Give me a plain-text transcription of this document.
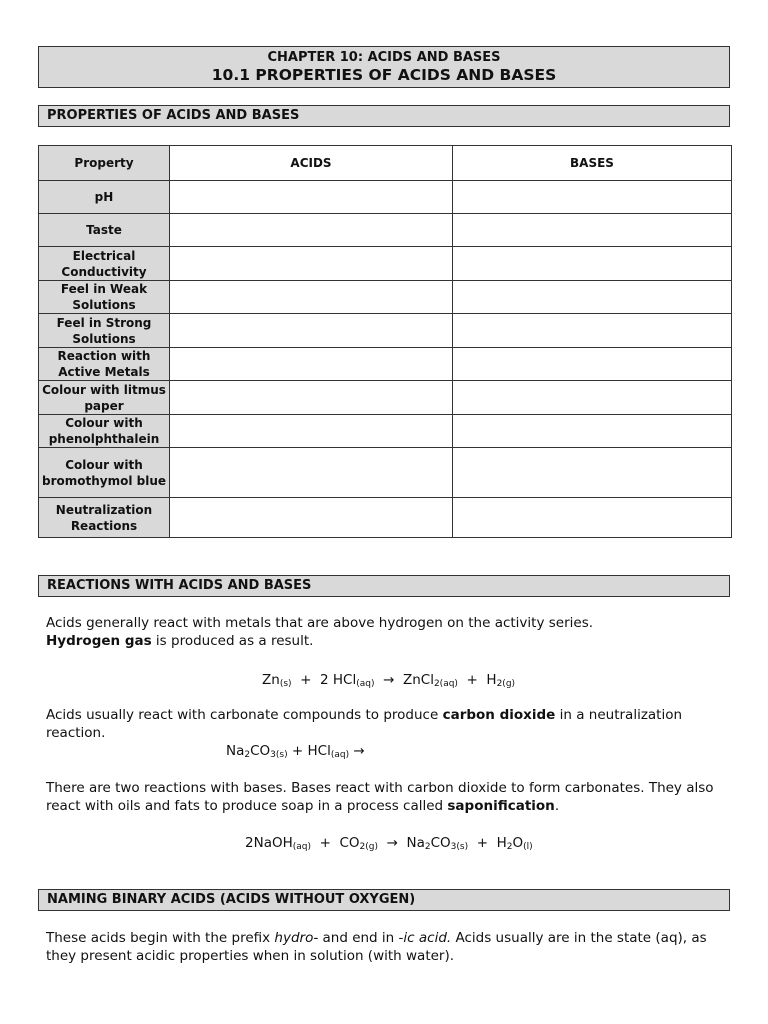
CHAPTER 10: ACIDS AND BASES
10.1 PROPERTIES OF ACIDS AND BASES
PROPERTIES OF ACIDS AND BASES
Property	ACIDS	BASES
pH		
Taste		
Electrical Conductivity		
Feel in Weak Solutions		
Feel in Strong Solutions		
Reaction with Active Metals		
Colour with litmus paper		
Colour with phenolphthalein		
Colour with bromothymol blue		
Neutralization Reactions		
REACTIONS WITH ACIDS AND BASES
Acids generally react with metals that are above hydrogen on the activity series.
Hydrogen gas is produced as a result.
$Zn_{(s)} + 2$ HCl$_{(aq)}$  →  ZnCl$_{2(aq)}$  +  $H_{2(g)}$
Acids usually react with carbonate compounds to produce carbon dioxide in a neutralization reaction.
$Na_2CO_{3(s)} + HCl_{(aq)}$ →
There are two reactions with bases. Bases react with carbon dioxide to form carbonates. They also react with oils and fats to produce soap in a process called saponification.
2NaOH$_{(aq)}$  +  $CO_{2(g)} \to Na_2CO_{3(s)} + H_2O_{(l)}$
NAMING BINARY ACIDS (ACIDS WITHOUT OXYGEN)
These acids begin with the prefix hydro- and end in -ic acid. Acids usually are in the state (aq), as they present acidic properties when in solution (with water).
